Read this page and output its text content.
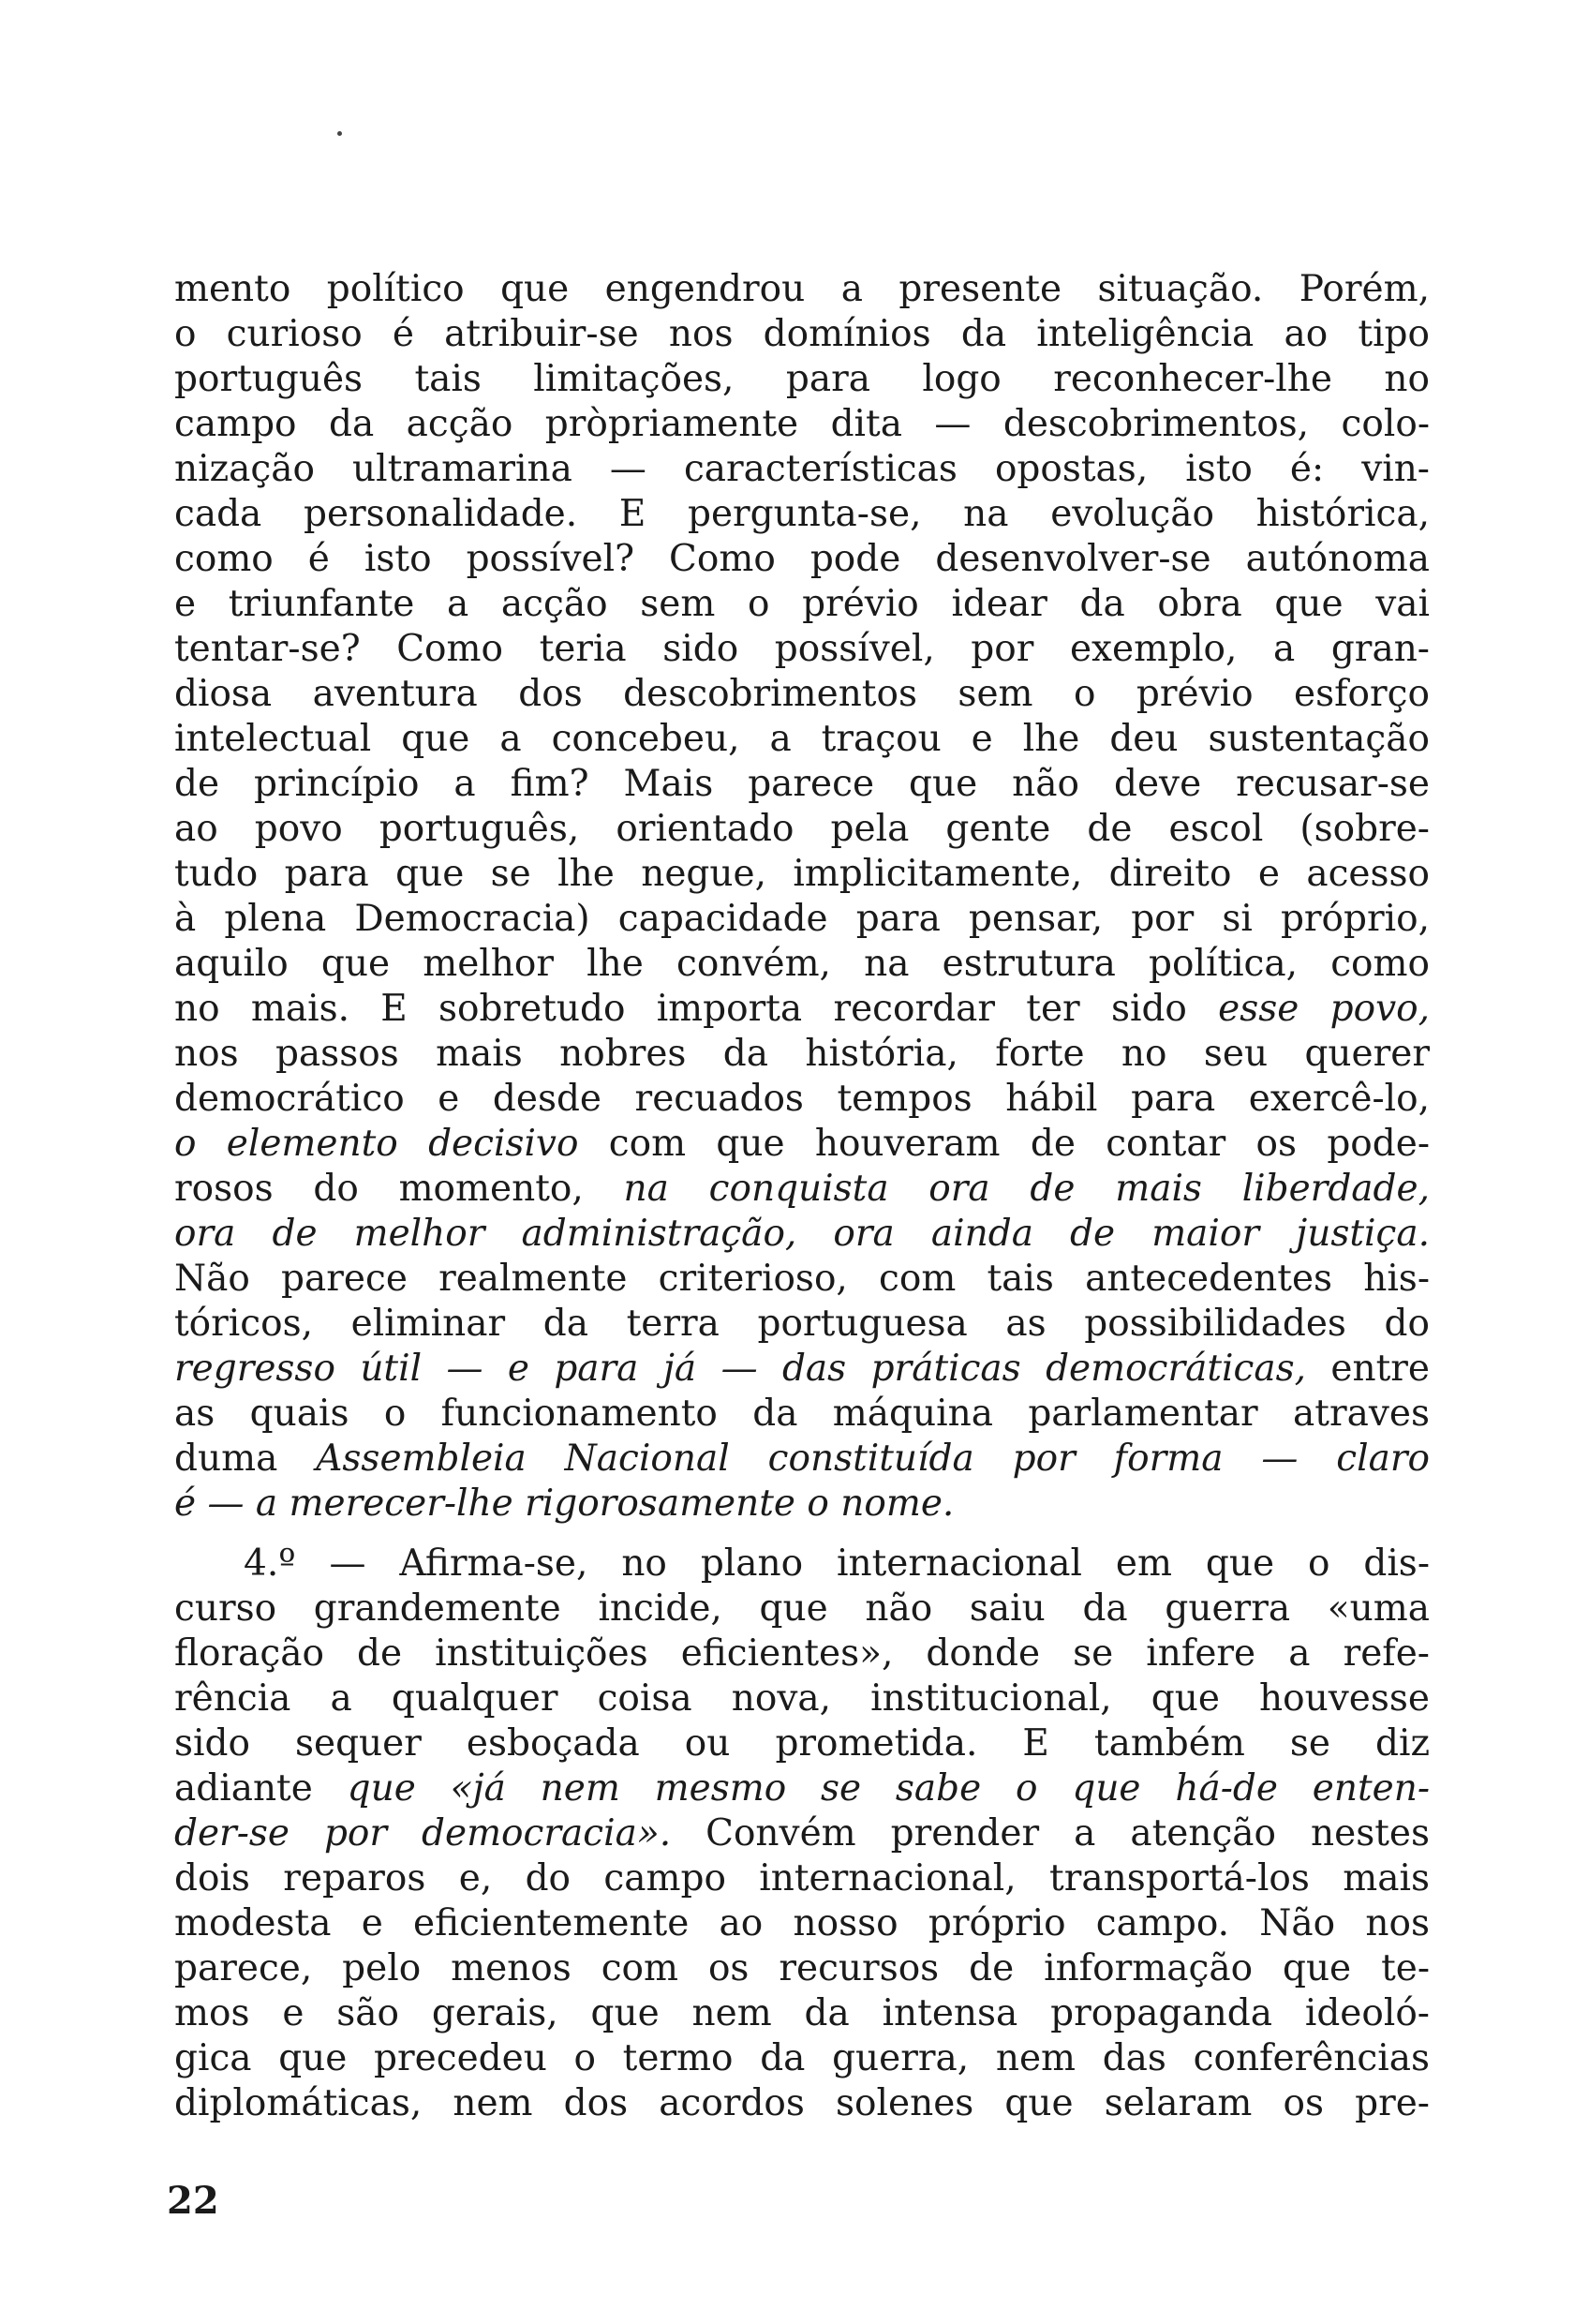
mento político que engendrou a presente situação. Porém,
o curioso é atribuir-se nos domínios da inteligência ao tipo
português tais limitações, para logo reconhecer-lhe no
campo da acção pròpriamente dita — descobrimentos, colo-
nização ultramarina — características opostas, isto é: vin-
cada personalidade. E pergunta-se, na evolução histórica,
como é isto possível? Como pode desenvolver-se autónoma
e triunfante a acção sem o prévio idear da obra que vai
tentar-se? Como teria sido possível, por exemplo, a gran-
diosa aventura dos descobrimentos sem o prévio esforço
intelectual que a concebeu, a traçou e lhe deu sustentação
de princípio a fim? Mais parece que não deve recusar-se
ao povo português, orientado pela gente de escol (sobre-
tudo para que se lhe negue, implicitamente, direito e acesso
à plena Democracia) capacidade para pensar, por si próprio,
aquilo que melhor lhe convém, na estrutura política, como
no mais. E sobretudo importa recordar ter sido esse povo,
nos passos mais nobres da história, forte no seu querer
democrático e desde recuados tempos hábil para exercê-lo,
o elemento decisivo com que houveram de contar os pode-
rosos do momento, na conquista ora de mais liberdade,
ora de melhor administração, ora ainda de maior justiça.
Não parece realmente criterioso, com tais antecedentes his-
tóricos, eliminar da terra portuguesa as possibilidades do
regresso útil — e para já — das práticas democráticas, entre
as quais o funcionamento da máquina parlamentar atraves
duma Assembleia Nacional constituída por forma — claro
é — a merecer-lhe rigorosamente o nome.
4.º — Afirma-se, no plano internacional em que o dis-
curso grandemente incide, que não saiu da guerra «uma
floração de instituições eficientes», donde se infere a refe-
rência a qualquer coisa nova, institucional, que houvesse
sido sequer esboçada ou prometida. E também se diz
adiante que «já nem mesmo se sabe o que há-de enten-
der-se por democracia». Convém prender a atenção nestes
dois reparos e, do campo internacional, transportá-los mais
modesta e eficientemente ao nosso próprio campo. Não nos
parece, pelo menos com os recursos de informação que te-
mos e são gerais, que nem da intensa propaganda ideoló-
gica que precedeu o termo da guerra, nem das conferências
diplomáticas, nem dos acordos solenes que selaram os pre-
22
